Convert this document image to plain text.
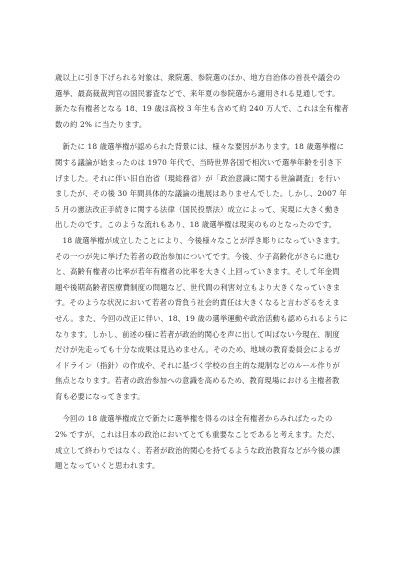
歳以上に引き下げられる対象は、衆院選、参院選のほか、地方自治体の首長や議会の
選挙、最高裁裁判官の国民審査などで、来年夏の参院選から適用される見通しです。
新たな有権者となる 18、19 歳は高校 3 年生も含めて約 240 万人で、これは全有権者
数の約 2% に当たります。
　新たに 18 歳選挙権が認められた背景には、様々な要因があります。18 歳選挙権に
関する議論が始まったのは 1970 年代で、当時世界各国で相次いで選挙年齢を引き下
げました。それに伴い旧自治省（現総務省）が「政治意識に関する世論調査」を行い
ましたが、その後 30 年間具体的な議論の進展はありませんでした。しかし、2007 年
5 月の憲法改正手続きに関する法律（国民投票法）成立によって、実現に大きく動き
出したのです。このような流れもあり、18 歳選挙権は現実のものとなったのです。
　18 歳選挙権が成立したことにより、今後様々なことが浮き彫りになっていきます。
その一つが先に挙げた若者の政治参加についてです。今後、少子高齢化がさらに進む
と、高齢有権者の比率が若年有権者の比率を大きく上回っていきます。そして年金問
題や後期高齢者医療費制度の問題など、世代間の利害対立もより大きくなっていきま
す。そのような状況において若者の背負う社会的責任は大きくなると言わざるをえま
せん。また、今回の改正に伴い、18、19 歳の選挙運動や政治活動も認められるように
なります。しかし、前述の様に若者が政治的関心を声に出して叫ばない今現在、制度
だけが先走っても十分な成果は見込めません。そのため、地域の教育委員会によるガ
イドライン（指針）の作成や、それに基づく学校の自主的な規制などのルール作りが
焦点となります。若者の政治参加への意識を高めるため、教育現場における主権者教
育も必要になってきます。
　今回の 18 歳選挙権成立で新たに選挙権を得るのは全有権者からみればたったの
2% ですが、これは日本の政治においてとても重要なことであると考えます。ただ、
成立して終わりではなく、若者が政治的関心を持てるような政治教育などが今後の課
題となっていくと思われます。
